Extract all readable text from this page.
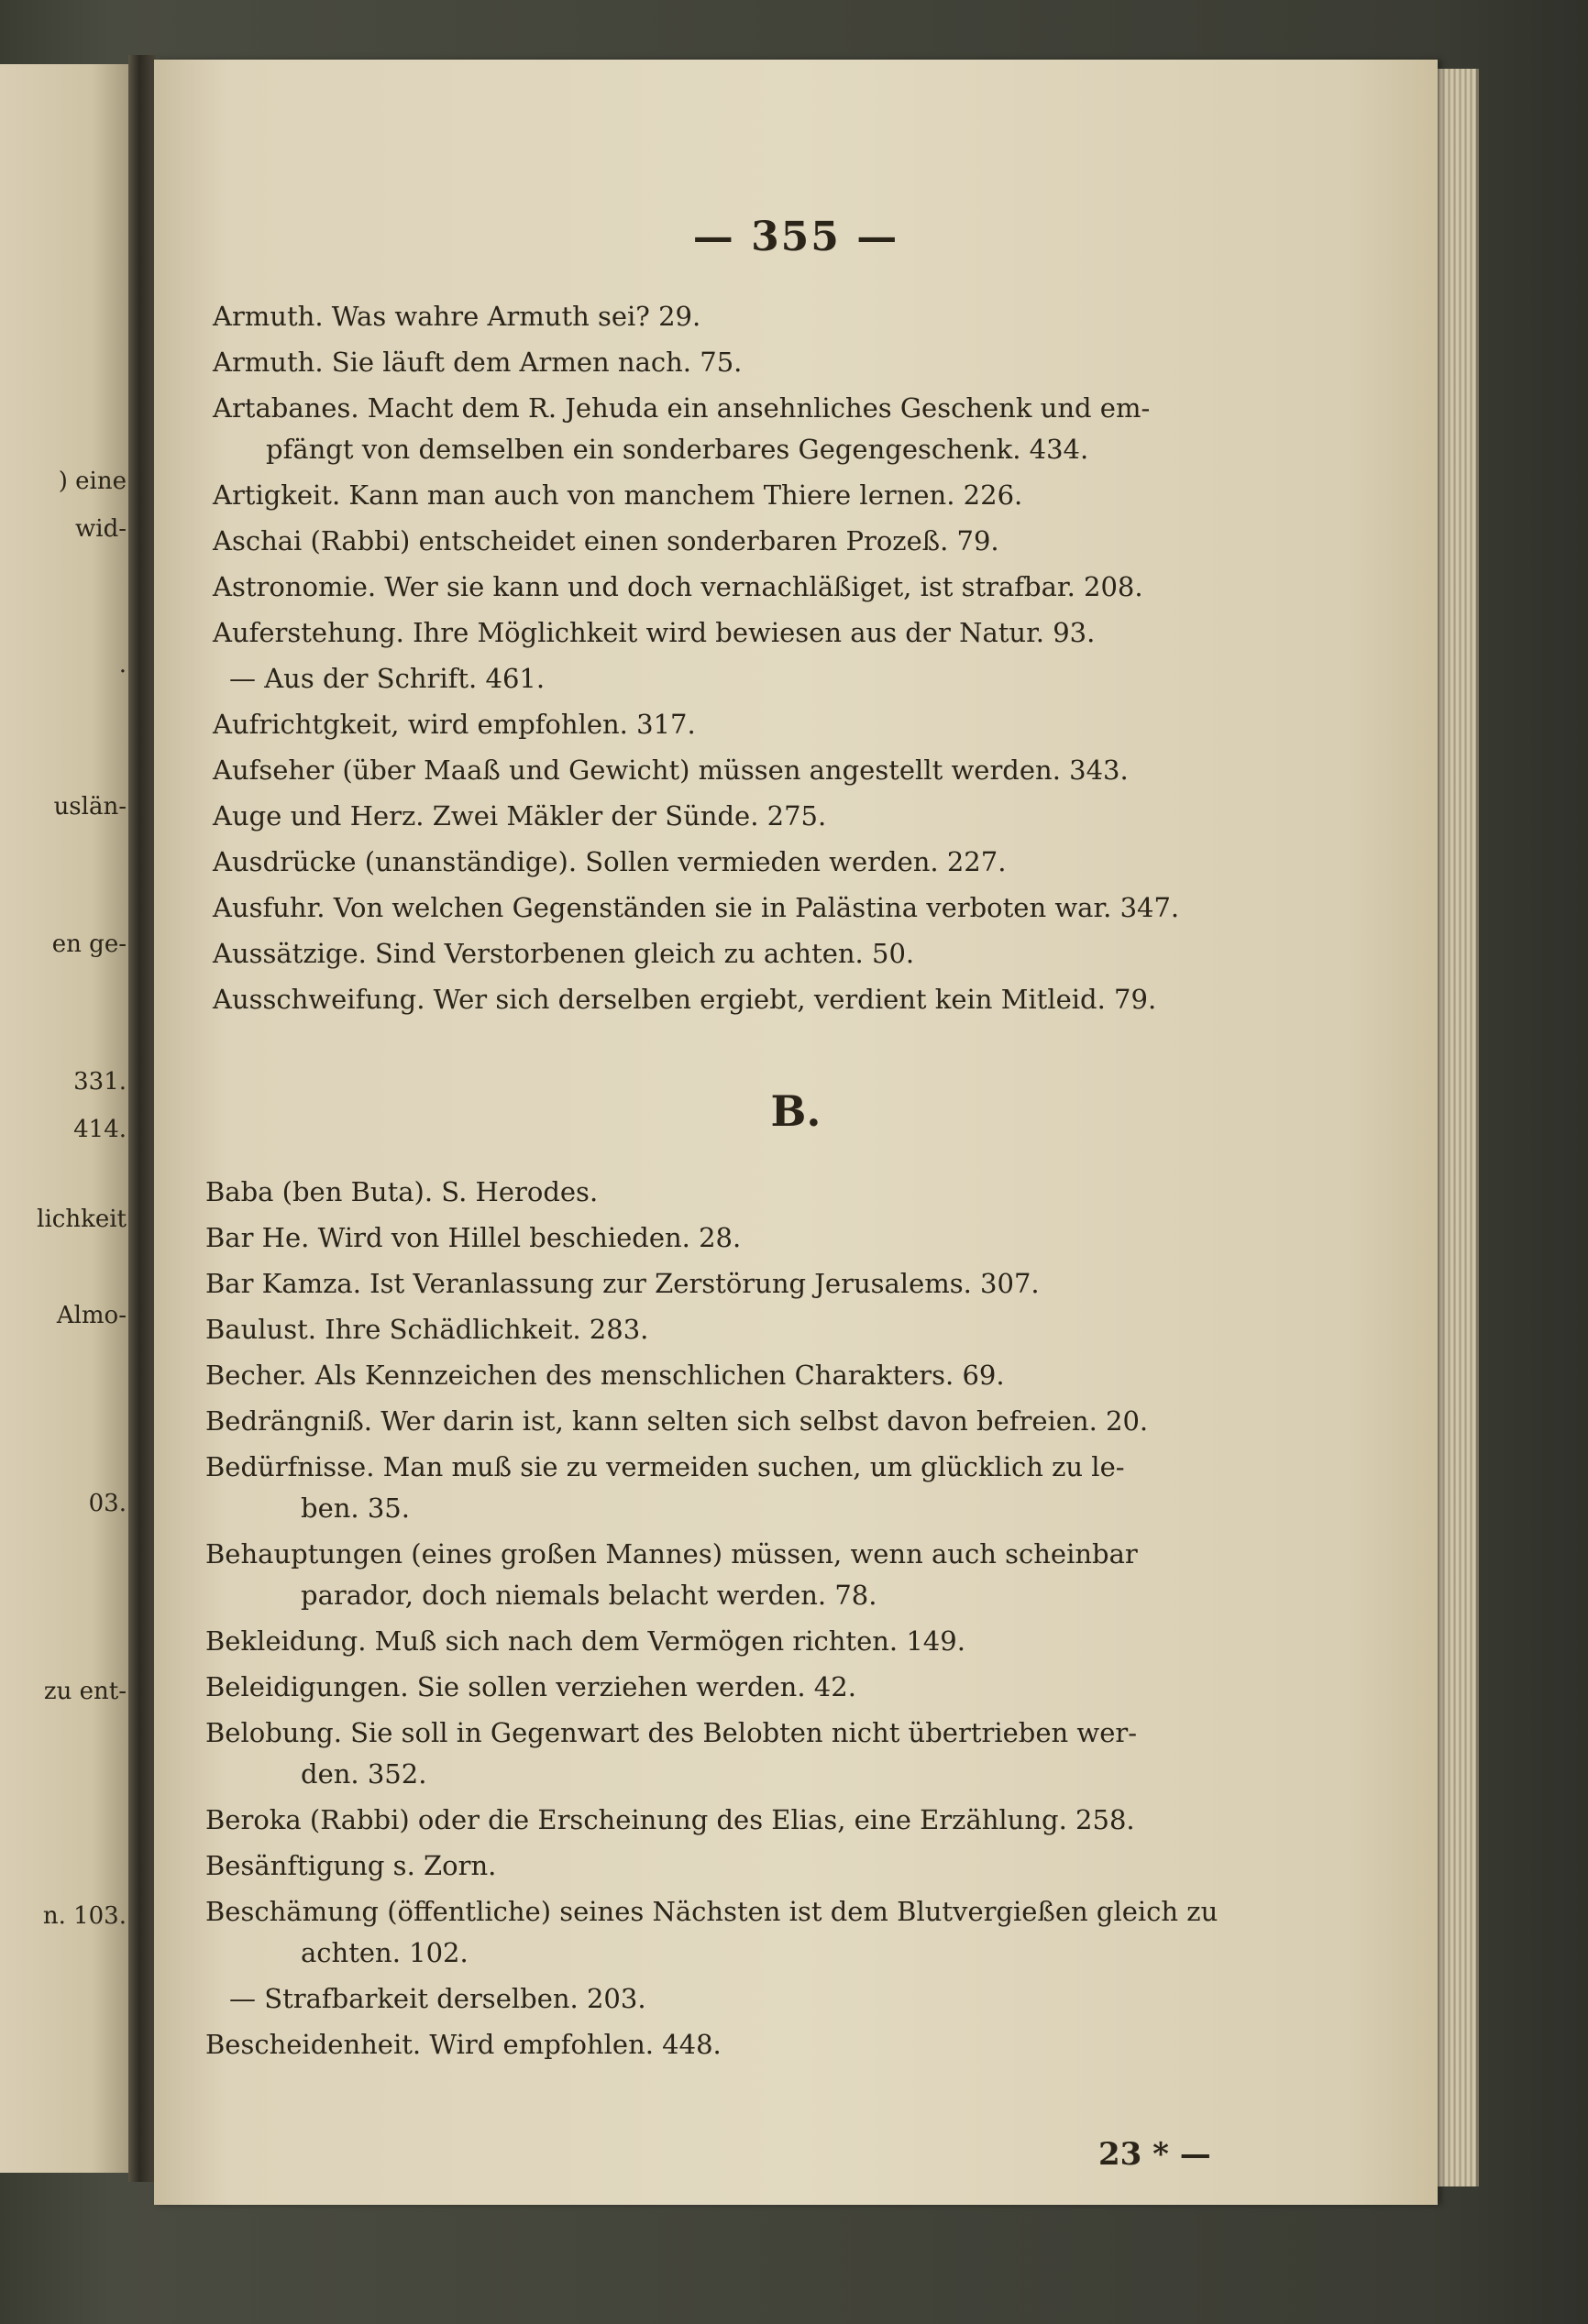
) eine
wid-
.
uslän-
en ge-
331.
414.
lichkeit
Almo-
03.
zu ent-
n. 103.
— 355 —
Armuth. Was wahre Armuth sei? 29.
Armuth. Sie läuft dem Armen nach. 75.
Artabanes. Macht dem R. Jehuda ein ansehnliches Geschenk und em-
pfängt von demselben ein sonderbares Gegengeschenk. 434.
Artigkeit. Kann man auch von manchem Thiere lernen. 226.
Aschai (Rabbi) entscheidet einen sonderbaren Prozeß. 79.
Astronomie. Wer sie kann und doch vernachläßiget, ist strafbar. 208.
Auferstehung. Ihre Möglichkeit wird bewiesen aus der Natur. 93.
— Aus der Schrift. 461.
Aufrichtgkeit, wird empfohlen. 317.
Aufseher (über Maaß und Gewicht) müssen angestellt werden. 343.
Auge und Herz. Zwei Mäkler der Sünde. 275.
Ausdrücke (unanständige). Sollen vermieden werden. 227.
Ausfuhr. Von welchen Gegenständen sie in Palästina verboten war. 347.
Aussätzige. Sind Verstorbenen gleich zu achten. 50.
Ausschweifung. Wer sich derselben ergiebt, verdient kein Mitleid. 79.
B.
Baba (ben Buta). S. Herodes.
Bar He. Wird von Hillel beschieden. 28.
Bar Kamza. Ist Veranlassung zur Zerstörung Jerusalems. 307.
Baulust. Ihre Schädlichkeit. 283.
Becher. Als Kennzeichen des menschlichen Charakters. 69.
Bedrängniß. Wer darin ist, kann selten sich selbst davon befreien. 20.
Bedürfnisse. Man muß sie zu vermeiden suchen, um glücklich zu le-
ben. 35.
Behauptungen (eines großen Mannes) müssen, wenn auch scheinbar
parador, doch niemals belacht werden. 78.
Bekleidung. Muß sich nach dem Vermögen richten. 149.
Beleidigungen. Sie sollen verziehen werden. 42.
Belobung. Sie soll in Gegenwart des Belobten nicht übertrieben wer-
den. 352.
Beroka (Rabbi) oder die Erscheinung des Elias, eine Erzählung. 258.
Besänftigung s. Zorn.
Beschämung (öffentliche) seines Nächsten ist dem Blutvergießen gleich zu
achten. 102.
— Strafbarkeit derselben. 203.
Bescheidenheit. Wird empfohlen. 448.
23 * —
